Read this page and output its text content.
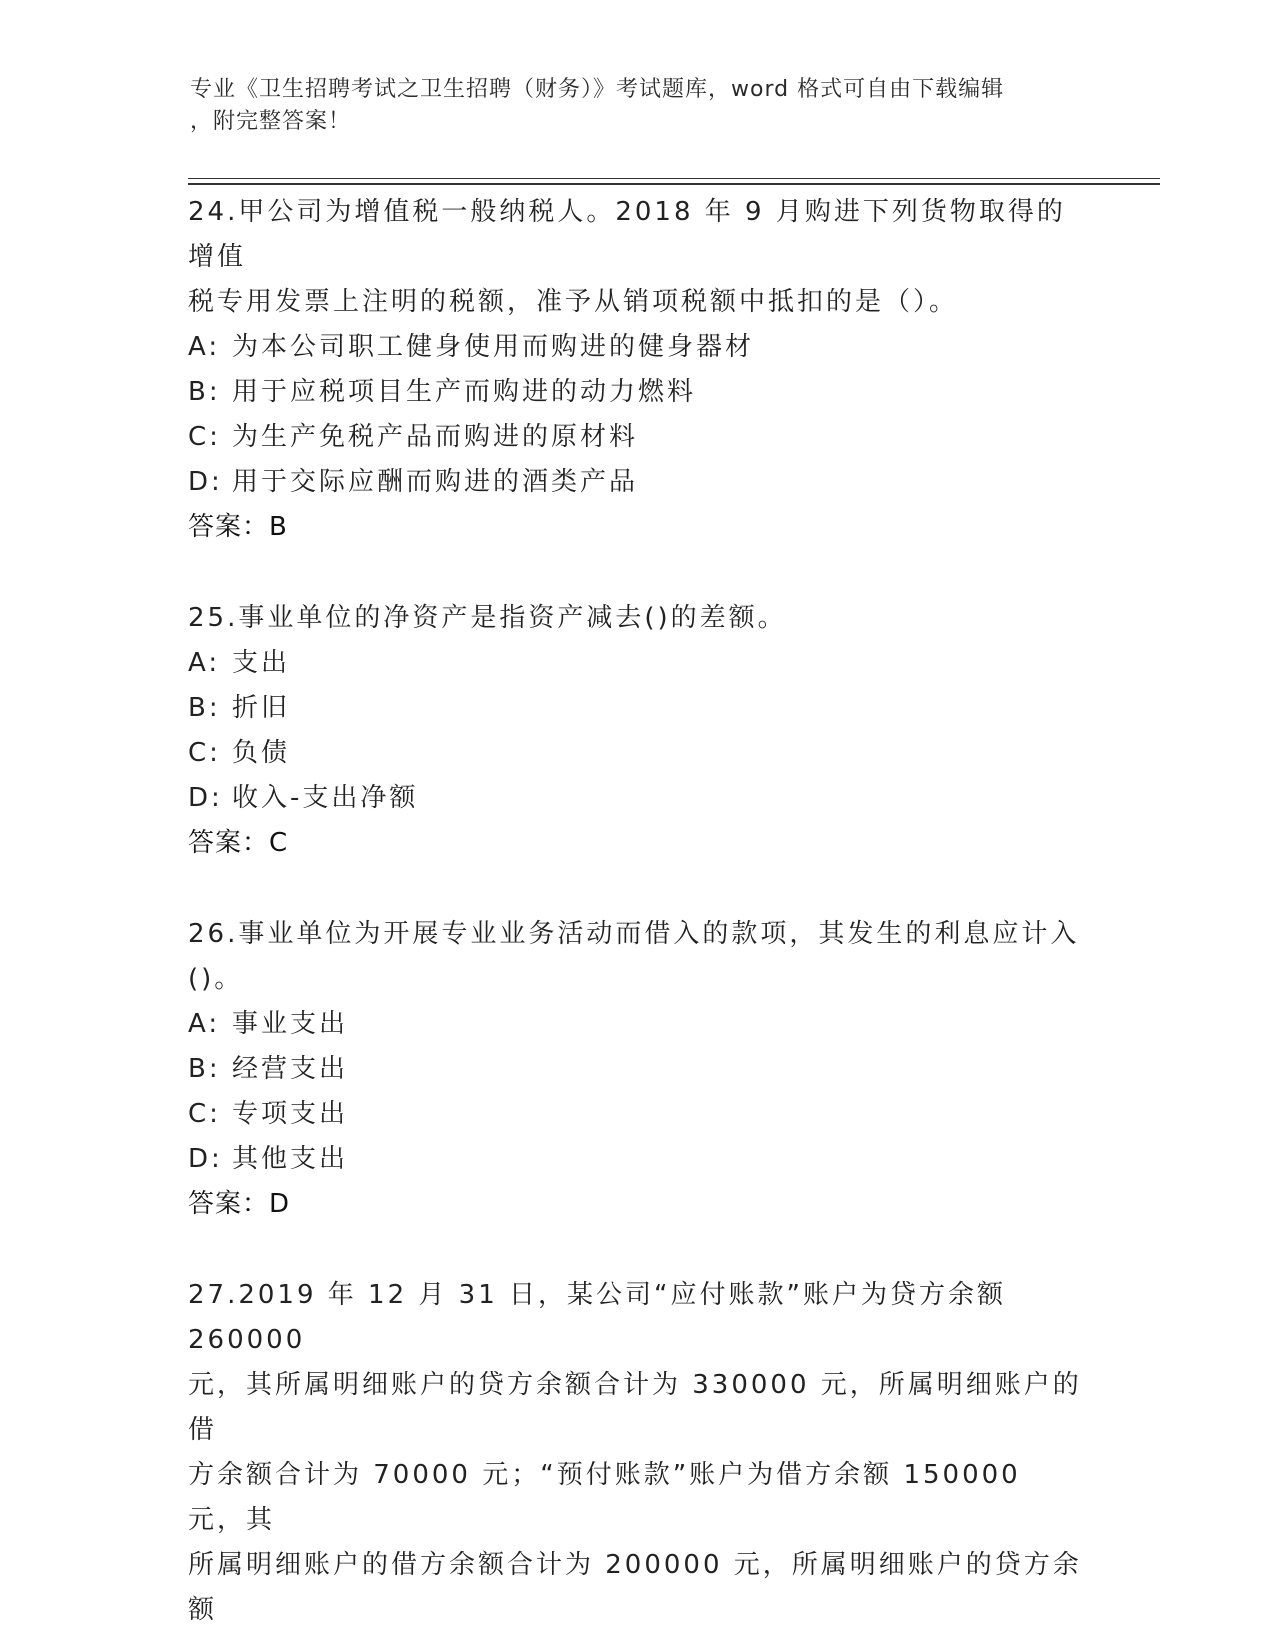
专业《卫生招聘考试之卫生招聘（财务）》考试题库，word 格式可自由下载编辑
，附完整答案！

24.甲公司为增值税一般纳税人。2018 年 9 月购进下列货物取得的增值

税专用发票上注明的税额，准予从销项税额中抵扣的是（）。

A: 为本公司职工健身使用而购进的健身器材
B: 用于应税项目生产而购进的动力燃料
C: 为生产免税产品而购进的原材料
D: 用于交际应酬而购进的酒类产品

答案：B

25.事业单位的净资产是指资产减去()的差额。

A: 支出
B: 折旧
C: 负债
D: 收入-支出净额

答案：C

26.事业单位为开展专业业务活动而借入的款项，其发生的利息应计入

()。

A: 事业支出
B: 经营支出
C: 专项支出
D: 其他支出

答案：D

27.2019 年 12 月 31 日，某公司“应付账款”账户为贷方余额 260000

元，其所属明细账户的贷方余额合计为 330000 元，所属明细账户的借

方余额合计为 70000 元；“预付账款”账户为借方余额 150000 元，其

所属明细账户的借方余额合计为 200000 元，所属明细账户的贷方余额
